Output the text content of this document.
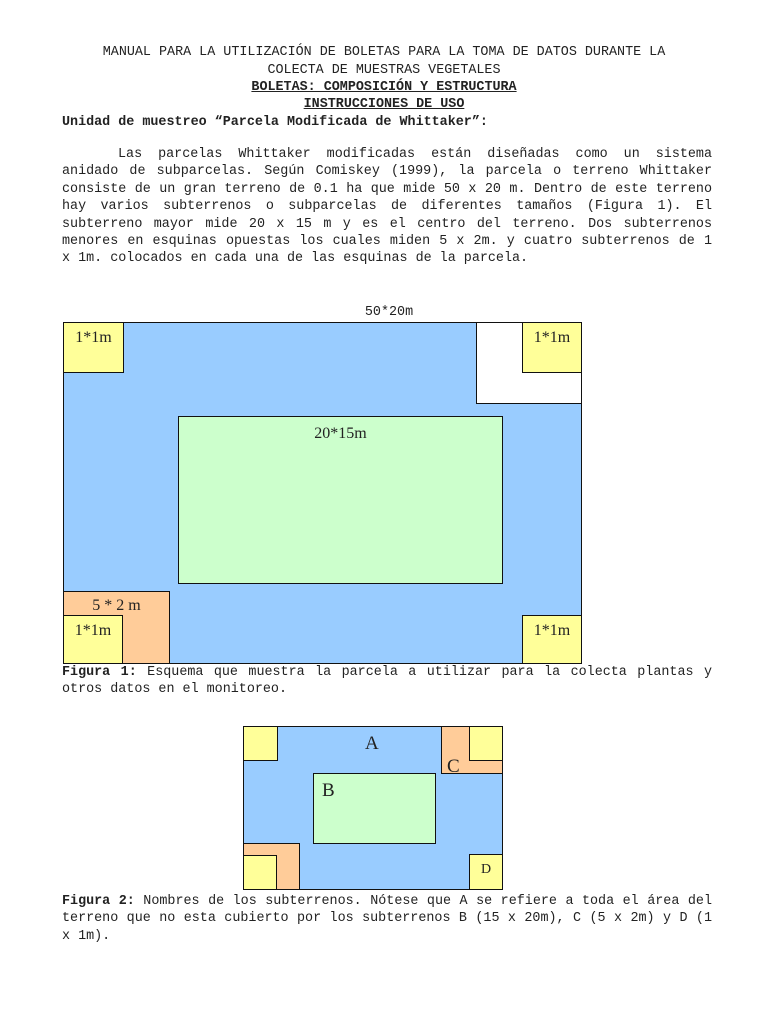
MANUAL PARA LA UTILIZACIÓN DE BOLETAS PARA LA TOMA DE DATOS DURANTE LA
COLECTA DE MUESTRAS VEGETALES
BOLETAS: COMPOSICIÓN Y ESTRUCTURA
INSTRUCCIONES DE USO
Unidad de muestreo “Parcela Modificada de Whittaker”:

Las parcelas Whittaker modificadas están diseñadas como un sistema anidado de subparcelas. Según Comiskey (1999), la parcela o terreno Whittaker consiste de un gran terreno de 0.1 ha que mide 50 x 20 m. Dentro de este terreno hay varios subterrenos o subparcelas de diferentes tamaños (Figura 1). El subterreno mayor mide 20 x 15 m y es el centro del terreno. Dos subterrenos menores en esquinas opuestas los cuales miden 5 x 2m. y cuatro subterrenos de 1 x 1m. colocados en cada una de las esquinas de la parcela.

50*20m
20*15m
5 * 2 m
1*1m	1*1m
1*1m	1*1m
Figura 1: Esquema que muestra la parcela a utilizar para la colecta plantas y otros datos en el monitoreo.
D
A
B
C
Figura 2: Nombres de los subterrenos. Nótese que A se refiere a toda el área del terreno que no esta cubierto por los subterrenos B (15 x 20m), C (5 x 2m) y D (1 x 1m).
